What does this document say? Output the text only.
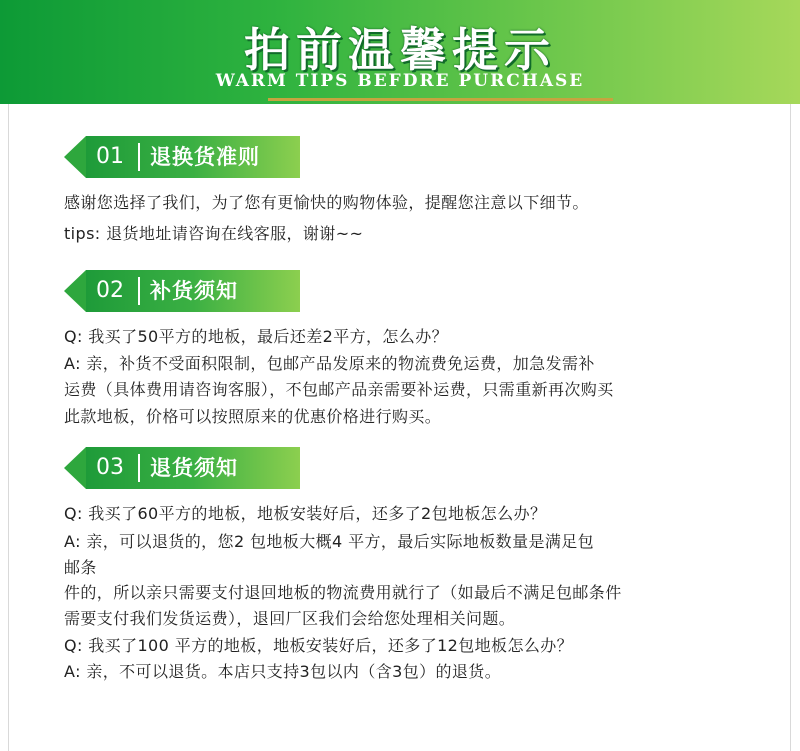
拍前温馨提示
WARM TIPS BEFDRE PURCHASE
01	退换货准则
感谢您选择了我们，为了您有更愉快的购物体验，提醒您注意以下细节。
tips: 退货地址请咨询在线客服，谢谢~~
02	补货须知
Q: 我买了50平方的地板，最后还差2平方，怎么办？
A: 亲，补货不受面积限制，包邮产品发原来的物流费免运费，加急发需补
运费（具体费用请咨询客服），不包邮产品亲需要补运费，只需重新再次购买
此款地板，价格可以按照原来的优惠价格进行购买。
03	退货须知
Q: 我买了60平方的地板，地板安装好后，还多了2包地板怎么办？
A: 亲，可以退货的，您2 包地板大概4 平方，最后实际地板数量是满足包
邮条
件的，所以亲只需要支付退回地板的物流费用就行了（如最后不满足包邮条件
需要支付我们发货运费），退回厂区我们会给您处理相关问题。
Q: 我买了100 平方的地板，地板安装好后，还多了12包地板怎么办？
A: 亲，不可以退货。本店只支持3包以内（含3包）的退货。
